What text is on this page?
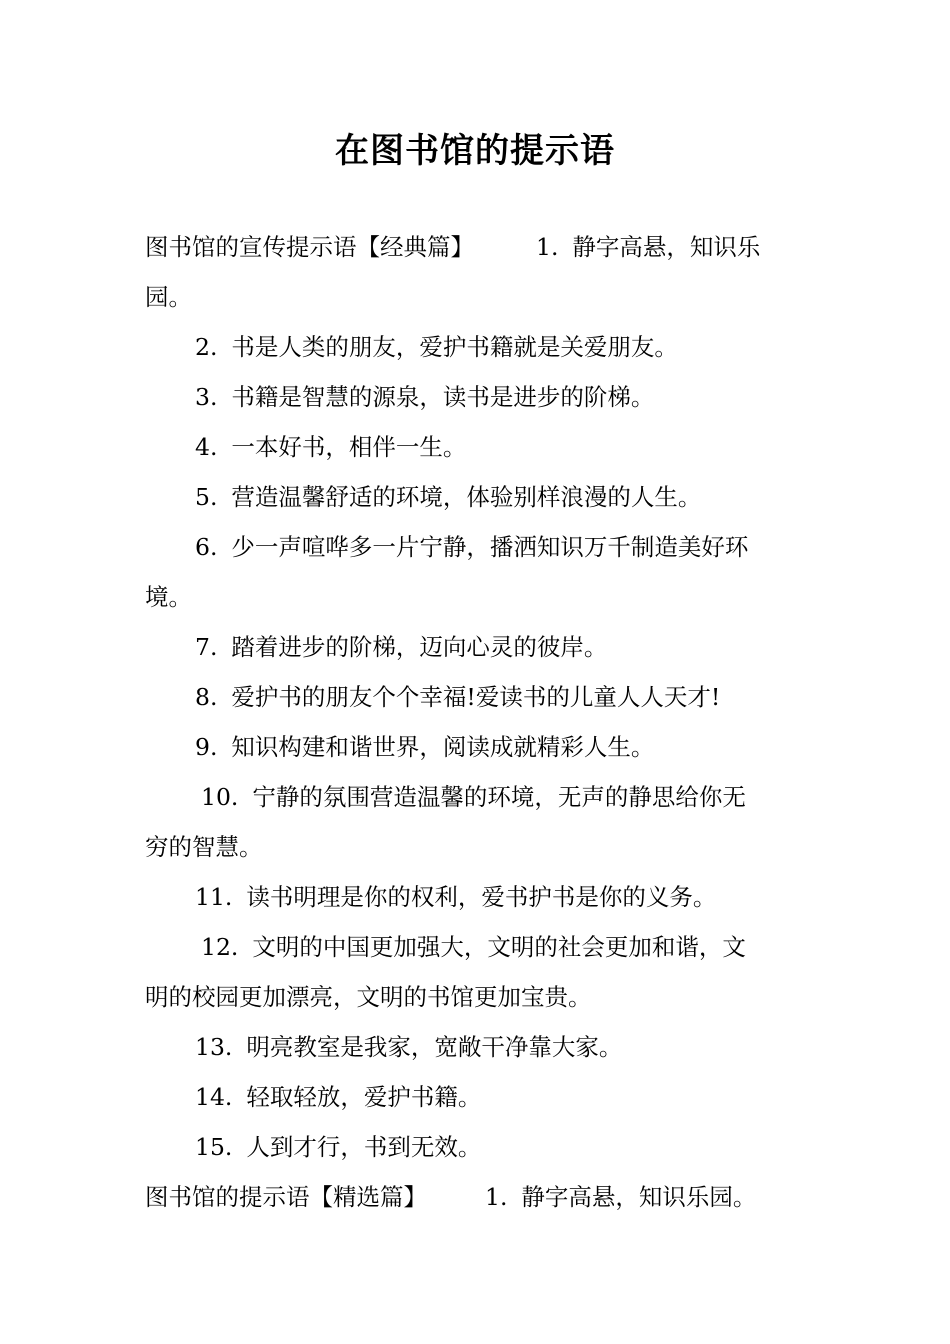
在图书馆的提示语
图书馆的宣传提示语【经典篇】	1. 静字高悬，知识乐
园。
2. 书是人类的朋友，爱护书籍就是关爱朋友。
3. 书籍是智慧的源泉，读书是进步的阶梯。
4. 一本好书，相伴一生。
5. 营造温馨舒适的环境，体验别样浪漫的人生。
6. 少一声喧哗多一片宁静，播洒知识万千制造美好环
境。
7. 踏着进步的阶梯，迈向心灵的彼岸。
8. 爱护书的朋友个个幸福!爱读书的儿童人人天才!
9. 知识构建和谐世界，阅读成就精彩人生。
10. 宁静的氛围营造温馨的环境，无声的静思给你无
穷的智慧。
11. 读书明理是你的权利，爱书护书是你的义务。
12. 文明的中国更加强大，文明的社会更加和谐，文
明的校园更加漂亮，文明的书馆更加宝贵。
13. 明亮教室是我家，宽敞干净靠大家。
14. 轻取轻放，爱护书籍。
15. 人到才行，书到无效。
图书馆的提示语【精选篇】 1. 静字高悬，知识乐园。
